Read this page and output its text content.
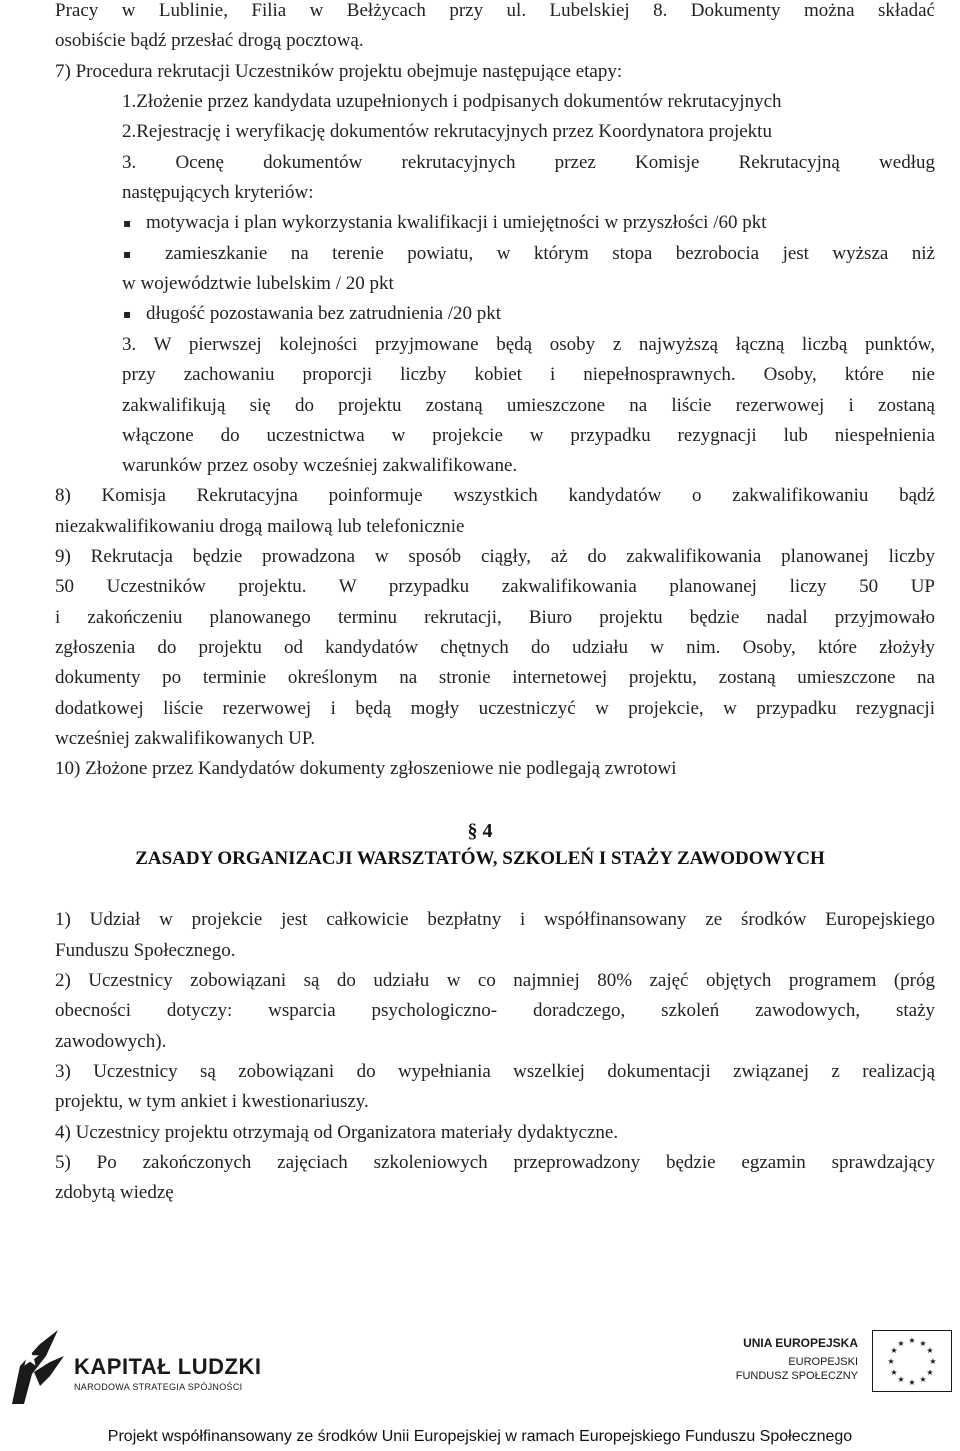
Pracy w Lublinie, Filia w Bełżycach przy ul. Lubelskiej 8. Dokumenty można składać
osobiście bądź przesłać drogą pocztową.
7) Procedura rekrutacji Uczestników projektu obejmuje następujące etapy:
1.Złożenie przez kandydata uzupełnionych i podpisanych dokumentów rekrutacyjnych
2.Rejestrację i weryfikację dokumentów rekrutacyjnych przez Koordynatora projektu
3. Ocenę dokumentów rekrutacyjnych przez Komisje Rekrutacyjną według
następujących kryteriów:
▪ motywacja i plan wykorzystania kwalifikacji i umiejętności w przyszłości /60 pkt
▪ zamieszkanie na terenie powiatu, w którym stopa bezrobocia jest wyższa niż
w województwie lubelskim / 20 pkt
▪ długość pozostawania bez zatrudnienia /20 pkt
3. W pierwszej kolejności przyjmowane będą osoby z najwyższą łączną liczbą punktów,
przy zachowaniu proporcji liczby kobiet i niepełnosprawnych. Osoby, które nie
zakwalifikują się do projektu zostaną umieszczone na liście rezerwowej i zostaną
włączone do uczestnictwa w projekcie w przypadku rezygnacji lub niespełnienia
warunków przez osoby wcześniej zakwalifikowane.
8) Komisja Rekrutacyjna poinformuje wszystkich kandydatów o zakwalifikowaniu bądź
niezakwalifikowaniu drogą mailową lub telefonicznie
9) Rekrutacja będzie prowadzona w sposób ciągły, aż do zakwalifikowania planowanej liczby
50 Uczestników projektu. W przypadku zakwalifikowania planowanej liczy 50 UP
i zakończeniu planowanego terminu rekrutacji, Biuro projektu będzie nadal przyjmowało
zgłoszenia do projektu od kandydatów chętnych do udziału w nim. Osoby, które złożyły
dokumenty po terminie określonym na stronie internetowej projektu, zostaną umieszczone na
dodatkowej liście rezerwowej i będą mogły uczestniczyć w projekcie, w przypadku rezygnacji
wcześniej zakwalifikowanych UP.
10) Złożone przez Kandydatów dokumenty zgłoszeniowe nie podlegają zwrotowi
§ 4
ZASADY ORGANIZACJI WARSZTATÓW, SZKOLEŃ I STAŻY ZAWODOWYCH
1) Udział w projekcie jest całkowicie bezpłatny i współfinansowany ze środków Europejskiego
Funduszu Społecznego.
2) Uczestnicy zobowiązani są do udziału w co najmniej 80% zajęć objętych programem (próg
obecności dotyczy: wsparcia psychologiczno- doradczego, szkoleń zawodowych, staży
zawodowych).
3) Uczestnicy są zobowiązani do wypełniania wszelkiej dokumentacji związanej z realizacją
projektu, w tym ankiet i kwestionariuszy.
4) Uczestnicy projektu otrzymają od Organizatora materiały dydaktyczne.
5) Po zakończonych zajęciach szkoleniowych przeprowadzony będzie egzamin sprawdzający
zdobytą wiedzę
KAPITAŁ LUDZKI
NARODOWA STRATEGIA SPÓJNOŚCI
UNIA EUROPEJSKA
EUROPEJSKI
FUNDUSZ SPOŁECZNY
★ ★
★
★
★
★
★
★
★
★
★
★
Projekt współfinansowany ze środków Unii Europejskiej w ramach Europejskiego Funduszu Społecznego
